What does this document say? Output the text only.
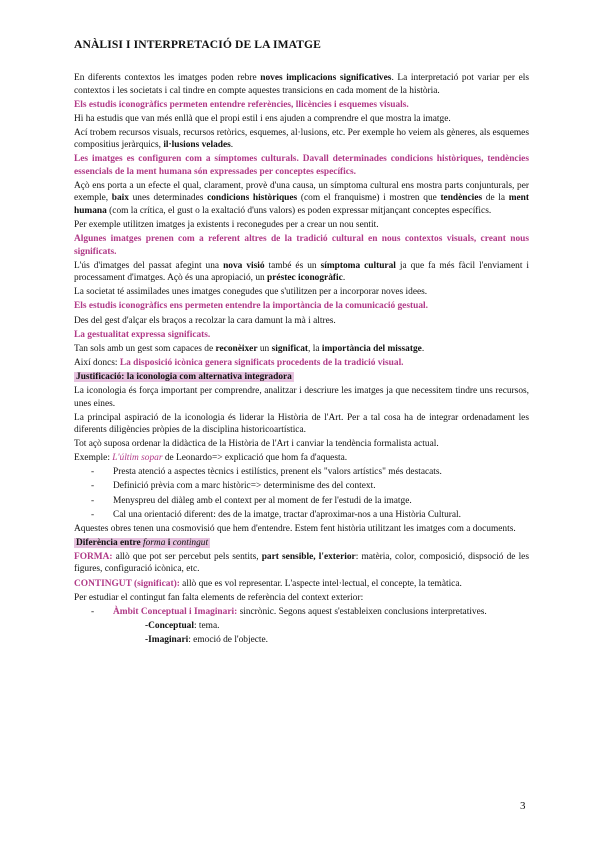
ANÀLISI I INTERPRETACIÓ DE LA IMATGE

En diferents contextos les imatges poden rebre noves implicacions significatives. La interpretació pot variar per els contextos i les societats i cal tindre en compte aquestes transicions en cada moment de la història.

Els estudis iconogràfics permeten entendre referències, llicències i esquemes visuals.

Hi ha estudis que van més enllà que el propi estil i ens ajuden a comprendre el que mostra la imatge.

Ací trobem recursos visuals, recursos retòrics, esquemes, al·lusions, etc. Per exemple ho veiem als gèneres, als esquemes compositius jeràrquics, il·lusions velades.

Les imatges es configuren com a símptomes culturals. Davall determinades condicions històriques, tendències essencials de la ment humana són expressades per conceptes específics.

Açò ens porta a un efecte el qual, clarament, provè d'una causa, un símptoma cultural ens mostra parts conjunturals, per exemple, baix unes determinades condicions històriques (com el franquisme) i mostren que tendències de la ment humana (com la crítica, el gust o la exaltació d'uns valors) es poden expressar mitjançant conceptes específics.

Per exemple utilitzen imatges ja existents i reconegudes per a crear un nou sentit.

Algunes imatges prenen com a referent altres de la tradició cultural en nous contextos visuals, creant nous significats.

L'ús d'imatges del passat afegint una nova visió també és un símptoma cultural ja que fa més fàcil l'enviament i processament d'imatges. Açò és una apropiació, un préstec iconogràfic.

La societat té assimilades unes imatges conegudes que s'utilitzen per a incorporar noves idees.

Els estudis iconogràfics ens permeten entendre la importància de la comunicació gestual.

Des del gest d'alçar els braços a recolzar la cara damunt la mà i altres.

La gestualitat expressa significats.

Tan sols amb un gest som capaces de reconèixer un significat, la importància del missatge.

Així doncs: La disposició icònica genera significats procedents de la tradició visual.

Justificació: la iconologia com alternativa integradora

La iconologia és força important per comprendre, analitzar i descriure les imatges ja que necessitem tindre uns recursos, unes eines.

La principal aspiració de la iconologia és liderar la Història de l'Art. Per a tal cosa ha de integrar ordenadament les diferents diligències pròpies de la disciplina historicoartística.

Tot açò suposa ordenar la didàctica de la Història de l'Art i canviar la tendència formalista actual.

Exemple: L'últim sopar de Leonardo=> explicació que hom fa d'aquesta.

- Presta atenció a aspectes tècnics i estilístics, prenent els "valors artístics" més destacats.
- Definició prèvia com a marc històric=> determinisme des del context.
- Menyspreu del diàleg amb el context per al moment de fer l'estudi de la imatge.
- Cal una orientació diferent: des de la imatge, tractar d'aproximar-nos a una Història Cultural.

Aquestes obres tenen una cosmovisió que hem d'entendre. Estem fent història utilitzant les imatges com a documents.

Diferència entre forma i contingut

FORMA: allò que pot ser percebut pels sentits, part sensible, l'exterior: matèria, color, composició, dispsoció de les figures, configuració icònica, etc.

CONTINGUT (significat): allò que es vol representar. L'aspecte intel·lectual, el concepte, la temàtica.

Per estudiar el contingut fan falta elements de referència del context exterior:

- Àmbit Conceptual i Imaginari: sincrònic. Segons aquest s'estableixen conclusions interpretatives.

-Conceptual: tema.

-Imaginari: emoció de l'objecte.

3
